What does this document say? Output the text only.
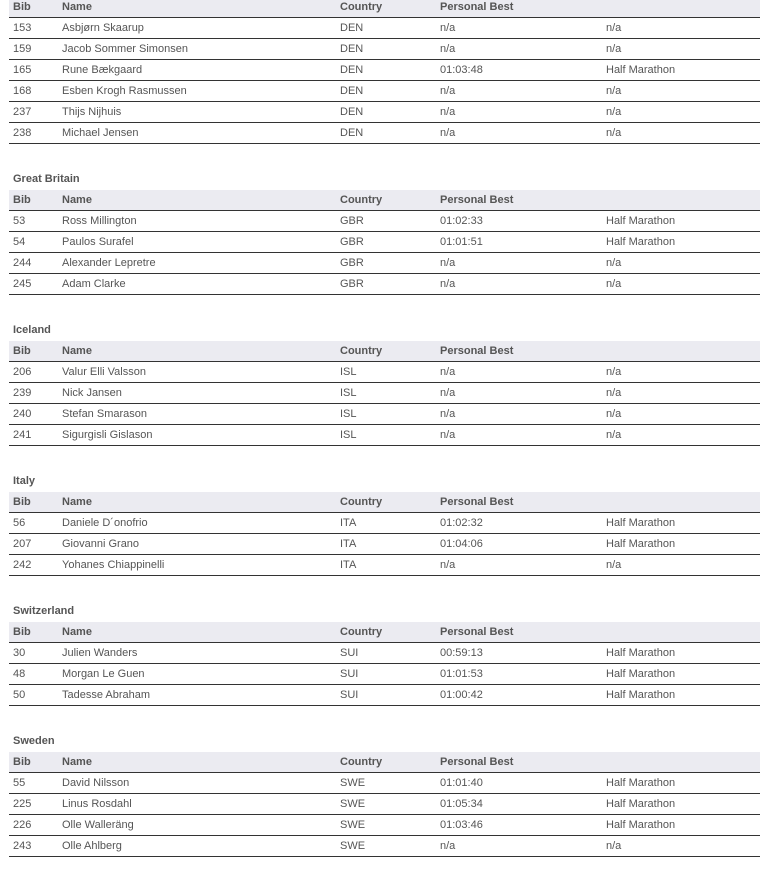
Bib	Name	Country	Personal Best	
153	Asbjørn Skaarup	DEN	n/a	n/a
159	Jacob Sommer Simonsen	DEN	n/a	n/a
165	Rune Bækgaard	DEN	01:03:48	Half Marathon
168	Esben Krogh Rasmussen	DEN	n/a	n/a
237	Thijs Nijhuis	DEN	n/a	n/a
238	Michael Jensen	DEN	n/a	n/a
Great Britain
Bib	Name	Country	Personal Best	
53	Ross Millington	GBR	01:02:33	Half Marathon
54	Paulos Surafel	GBR	01:01:51	Half Marathon
244	Alexander Lepretre	GBR	n/a	n/a
245	Adam Clarke	GBR	n/a	n/a
Iceland
Bib	Name	Country	Personal Best	
206	Valur Elli Valsson	ISL	n/a	n/a
239	Nick Jansen	ISL	n/a	n/a
240	Stefan Smarason	ISL	n/a	n/a
241	Sigurgisli Gislason	ISL	n/a	n/a
Italy
Bib	Name	Country	Personal Best	
56	Daniele D´onofrio	ITA	01:02:32	Half Marathon
207	Giovanni Grano	ITA	01:04:06	Half Marathon
242	Yohanes Chiappinelli	ITA	n/a	n/a
Switzerland
Bib	Name	Country	Personal Best	
30	Julien Wanders	SUI	00:59:13	Half Marathon
48	Morgan Le Guen	SUI	01:01:53	Half Marathon
50	Tadesse Abraham	SUI	01:00:42	Half Marathon
Sweden
Bib	Name	Country	Personal Best	
55	David Nilsson	SWE	01:01:40	Half Marathon
225	Linus Rosdahl	SWE	01:05:34	Half Marathon
226	Olle Walleräng	SWE	01:03:46	Half Marathon
243	Olle Ahlberg	SWE	n/a	n/a
